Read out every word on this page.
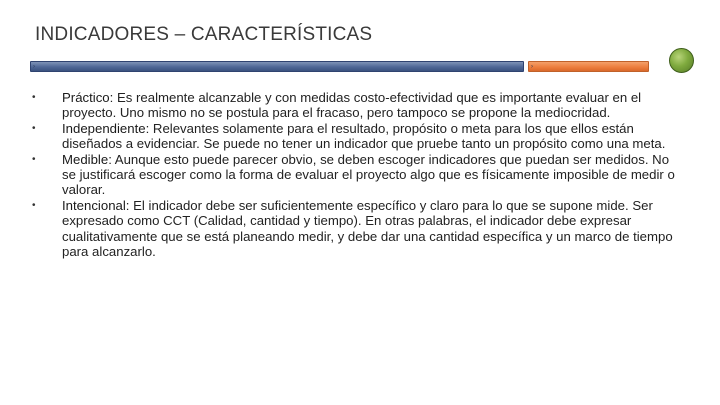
INDICADORES – CARACTERÍSTICAS
›	›
• Práctico: Es realmente alcanzable y con medidas costo-efectividad que es importante evaluar en el proyecto. Uno mismo no se postula para el fracaso, pero tampoco se propone la mediocridad.
• Independiente: Relevantes solamente para el resultado, propósito o meta para los que ellos están diseñados a evidenciar. Se puede no tener un indicador que pruebe tanto un propósito como una meta.
• Medible: Aunque esto puede parecer obvio, se deben escoger indicadores que puedan ser medidos. No se justificará escoger como la forma de evaluar el proyecto algo que es físicamente imposible de medir o valorar.
• Intencional: El indicador debe ser suficientemente específico y claro para lo que se supone mide. Ser expresado como CCT (Calidad, cantidad y tiempo). En otras palabras, el indicador debe expresar cualitativamente que se está planeando medir, y debe dar una cantidad específica y un marco de tiempo para alcanzarlo.
